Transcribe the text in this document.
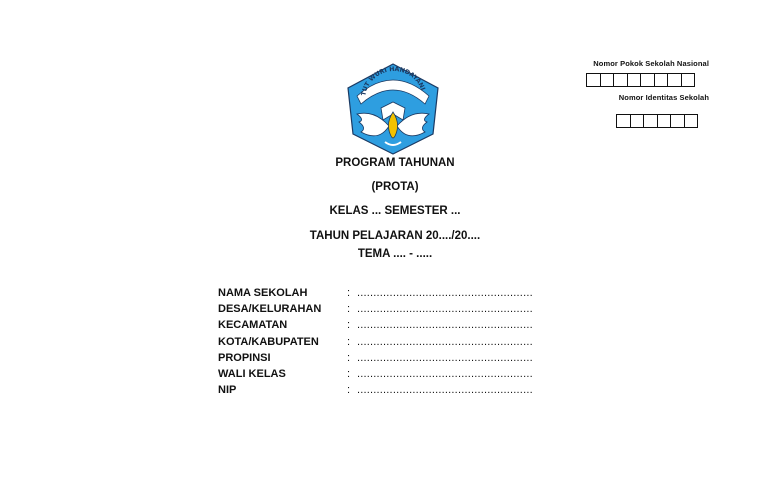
Nomor Pokok Sekolah Nasional
Nomor Identitas Sekolah
TUT WURI HANDAYANI
PROGRAM TAHUNAN
(PROTA)
KELAS ... SEMESTER ...
TAHUN PELAJARAN 20..../20....
TEMA .... - .....
NAMA SEKOLAH	: ......................................................
DESA/KELURAHAN : ......................................................
KECAMATAN	: ......................................................
KOTA/KABUPATEN	: ......................................................
PROPINSI	: ......................................................
WALI KELAS	: ......................................................
NIP	: ......................................................
